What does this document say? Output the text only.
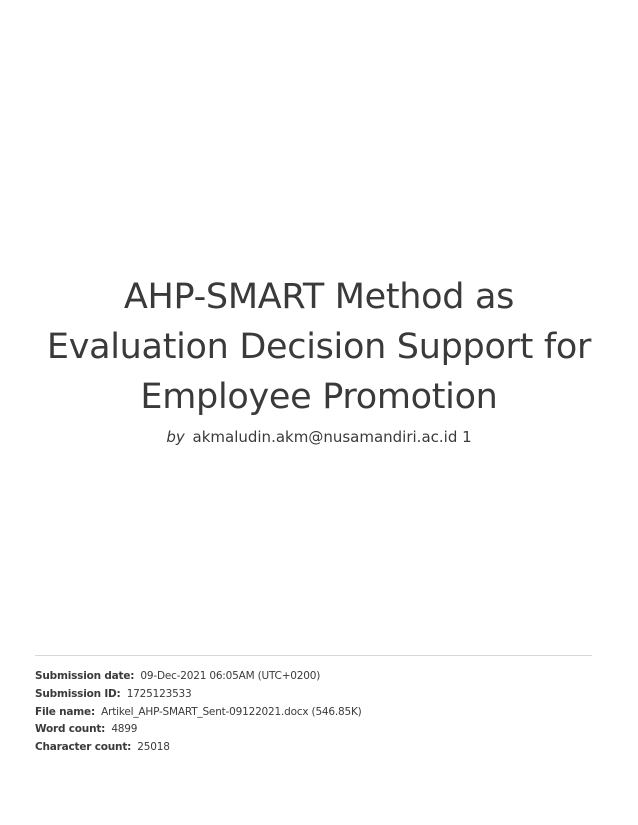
AHP-SMART Method as
Evaluation Decision Support for
Employee Promotion
by akmaludin.akm@nusamandiri.ac.id 1
Submission date: 09-Dec-2021 06:05AM (UTC+0200)
Submission ID: 1725123533
File name: Artikel_AHP-SMART_Sent-09122021.docx (546.85K)
Word count: 4899
Character count: 25018
